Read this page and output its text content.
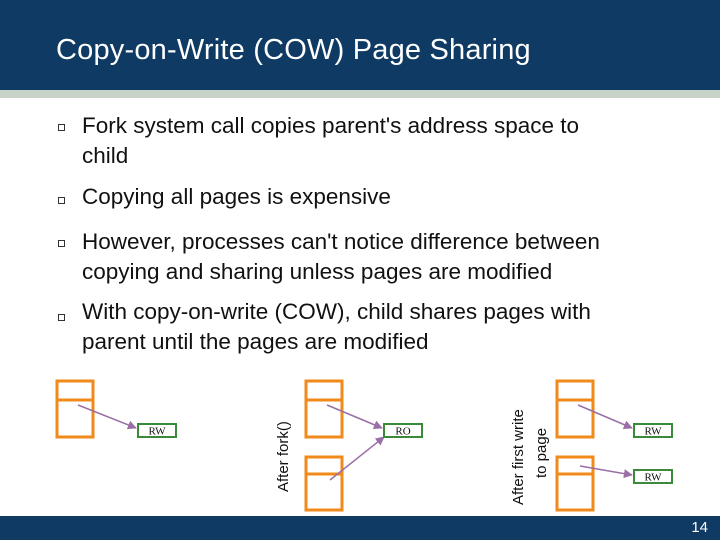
Copy-on-Write (COW) Page Sharing
Fork system call copies parent's address space to
child
Copying all pages is expensive
However, processes can't notice difference between
copying and sharing unless pages are modified
With copy-on-write (COW), child shares pages with
parent until the pages are modified
RW	After fork()	RO	After first write to page	RW
RW
14
